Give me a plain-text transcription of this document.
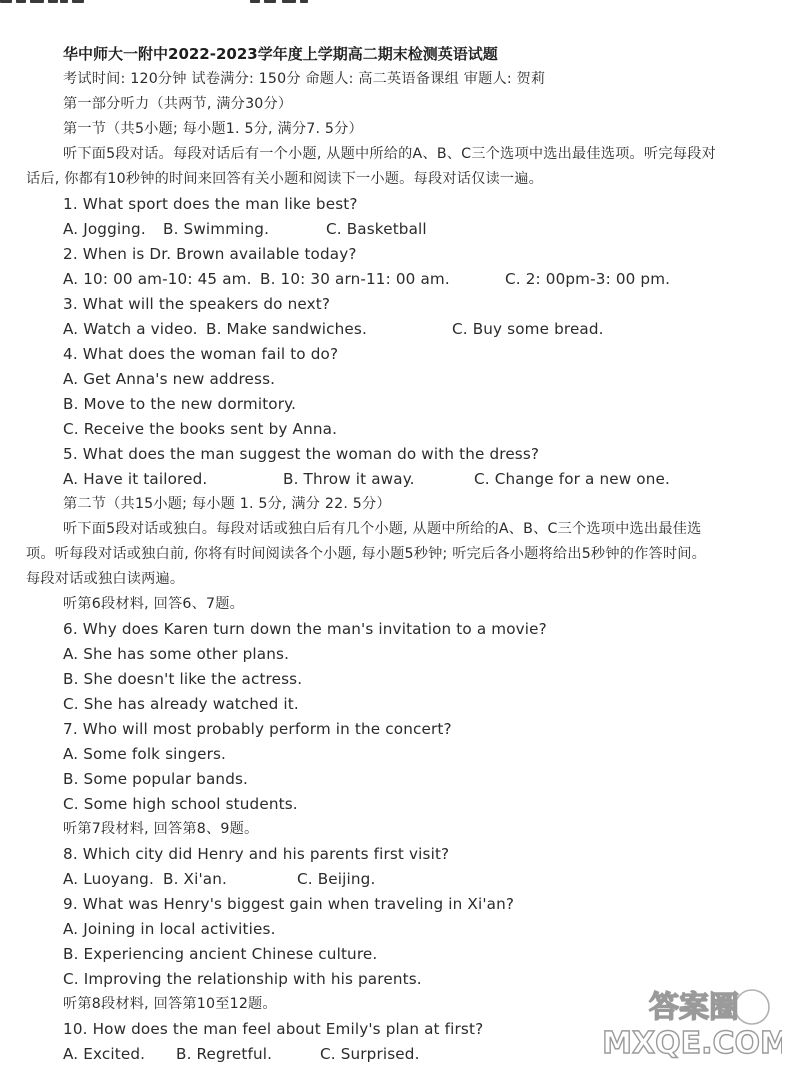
华中师大一附中2022-2023学年度上学期高二期末检测英语试题
考试时间: 120分钟 试卷满分: 150分 命题人: 高二英语备课组 审题人: 贺莉
第一部分听力（共两节, 满分30分）
第一节（共5小题; 每小题1. 5分, 满分7. 5分）
听下面5段对话。每段对话后有一个小题, 从题中所给的A、B、C三个选项中选出最佳选项。听完每段对
话后, 你都有10秒钟的时间来回答有关小题和阅读下一小题。每段对话仅读一遍。
1. What sport does the man like best?
A. Jogging. B. Swimming.	C. Basketball
2. When is Dr. Brown available today?
A. 10: 00 am-10: 45 am. B. 10: 30 arn-11: 00 am.	C. 2: 00pm-3: 00 pm.
3. What will the speakers do next?
A. Watch a video. B. Make sandwiches.	C. Buy some bread.
4. What does the woman fail to do?
A. Get Anna's new address.
B. Move to the new dormitory.
C. Receive the books sent by Anna.
5. What does the man suggest the woman do with the dress?
A. Have it tailored.	B. Throw it away.	C. Change for a new one.
第二节（共15小题; 每小题 1. 5分, 满分 22. 5分）
听下面5段对话或独白。每段对话或独白后有几个小题, 从题中所给的A、B、C三个选项中选出最佳选
项。听每段对话或独白前, 你将有时间阅读各个小题, 每小题5秒钟; 听完后各小题将给出5秒钟的作答时间。
每段对话或独白读两遍。
听第6段材料, 回答6、7题。
6. Why does Karen turn down the man's invitation to a movie?
A. She has some other plans.
B. She doesn't like the actress.
C. She has already watched it.
7. Who will most probably perform in the concert?
A. Some folk singers.
B. Some popular bands.
C. Some high school students.
听第7段材料, 回答第8、9题。
8. Which city did Henry and his parents first visit?
A. Luoyang. B. Xi'an.	C. Beijing.
9. What was Henry's biggest gain when traveling in Xi'an?
A. Joining in local activities.
B. Experiencing ancient Chinese culture.
C. Improving the relationship with his parents.
听第8段材料, 回答第10至12题。
10. How does the man feel about Emily's plan at first?
A. Excited. B. Regretful.	C. Surprised.
答案圈
MXQE.COM
